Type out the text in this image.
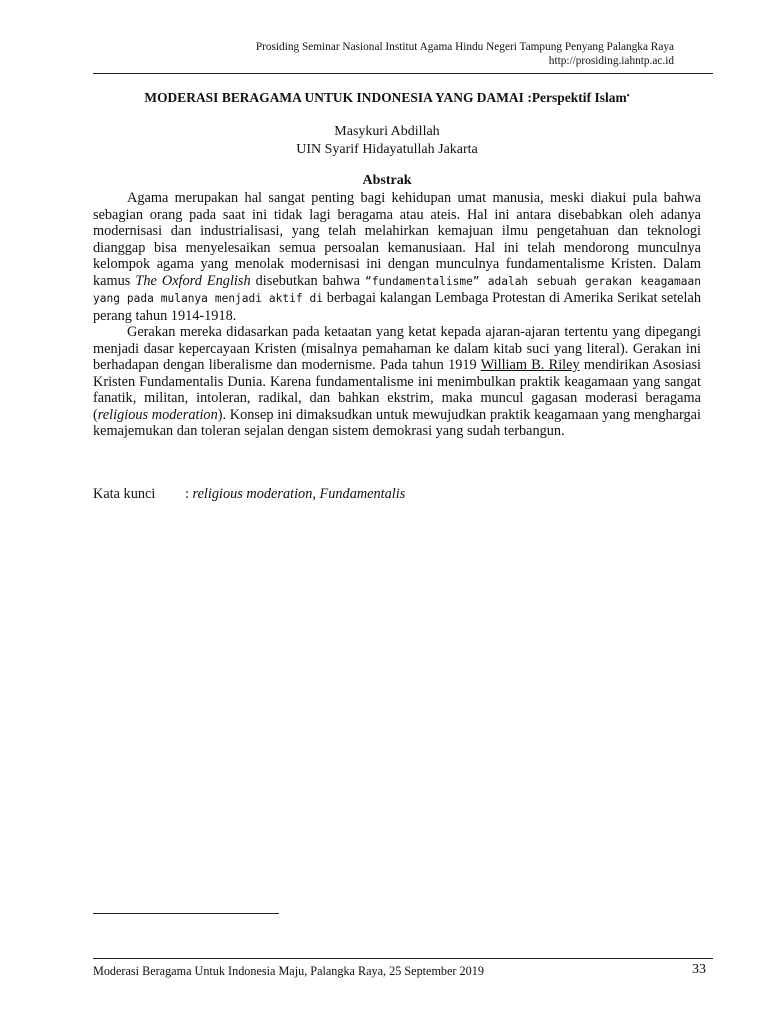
Prosiding Seminar Nasional Institut Agama Hindu Negeri Tampung Penyang Palangka Raya
http://prosiding.iahntp.ac.id
MODERASI BERAGAMA UNTUK INDONESIA YANG DAMAI :Perspektif Islam•
Masykuri Abdillah
UIN Syarif Hidayatullah Jakarta
Abstrak

Agama merupakan hal sangat penting bagi kehidupan umat manusia, meski diakui pula bahwa sebagian orang pada saat ini tidak lagi beragama atau ateis. Hal ini antara disebabkan oleh adanya modernisasi dan industrialisasi, yang telah melahirkan kemajuan ilmu pengetahuan dan teknologi dianggap bisa menyelesaikan semua persoalan kemanusiaan. Hal ini telah mendorong munculnya kelompok agama yang menolak modernisasi ini dengan munculnya fundamentalisme Kristen. Dalam kamus The Oxford English disebutkan bahwa “fundamentalisme” adalah sebuah gerakan keagamaan yang pada mulanya menjadi aktif di berbagai kalangan Lembaga Protestan di Amerika Serikat setelah perang tahun 1914-1918.

Gerakan mereka didasarkan pada ketaatan yang ketat kepada ajaran-ajaran tertentu yang dipegangi menjadi dasar kepercayaan Kristen (misalnya pemahaman ke dalam kitab suci yang literal). Gerakan ini berhadapan dengan liberalisme dan modernisme. Pada tahun 1919 William B. Riley mendirikan Asosiasi Kristen Fundamentalis Dunia. Karena fundamentalisme ini menimbulkan praktik keagamaan yang sangat fanatik, militan, intoleran, radikal, dan bahkan ekstrim, maka muncul gagasan moderasi beragama (religious moderation). Konsep ini dimaksudkan untuk mewujudkan praktik keagamaan yang menghargai kemajemukan dan toleran sejalan dengan sistem demokrasi yang sudah terbangun.

Kata kunci : religious moderation, Fundamentalis
Moderasi Beragama Untuk Indonesia Maju, Palangka Raya, 25 September 2019	33
